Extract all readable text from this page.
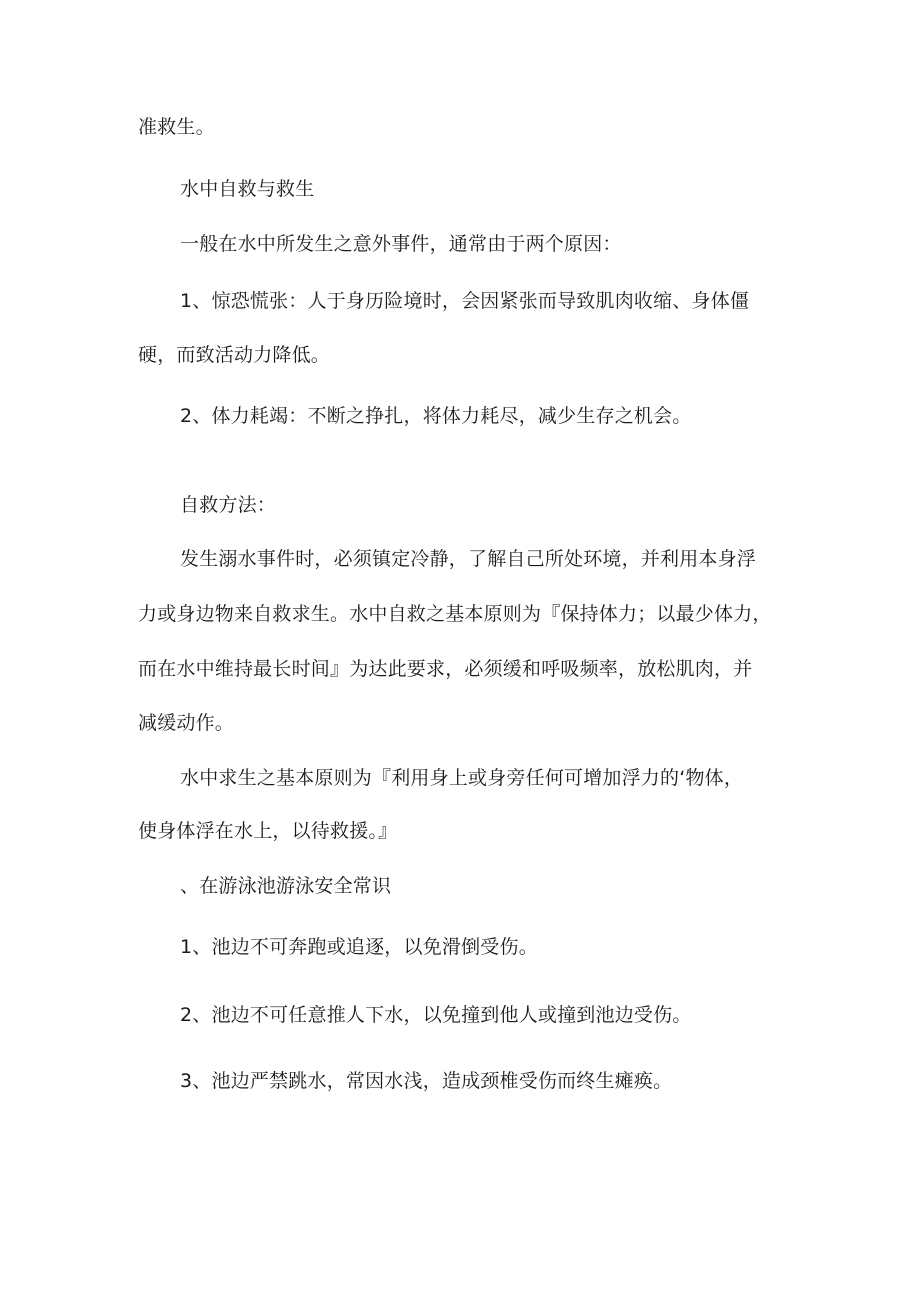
准救生。
水中自救与救生
一般在水中所发生之意外事件，通常由于两个原因：
1、惊恐慌张：人于身历险境时，会因紧张而导致肌肉收缩、身体僵
硬，而致活动力降低。
2、体力耗竭：不断之挣扎，将体力耗尽，减少生存之机会。
自救方法：
发生溺水事件时，必须镇定冷静，了解自己所处环境，并利用本身浮
力或身边物来自救求生。水中自救之基本原则为『保持体力；以最少体力，
而在水中维持最长时间』为达此要求，必须缓和呼吸频率，放松肌肉，并
减缓动作。
水中求生之基本原则为『利用身上或身旁任何可增加浮力的‘物体，
使身体浮在水上，以待救援。』
、在游泳池游泳安全常识
1、池边不可奔跑或追逐，以免滑倒受伤。
2、池边不可任意推人下水，以免撞到他人或撞到池边受伤。
3、池边严禁跳水，常因水浅，造成颈椎受伤而终生瘫痪。
